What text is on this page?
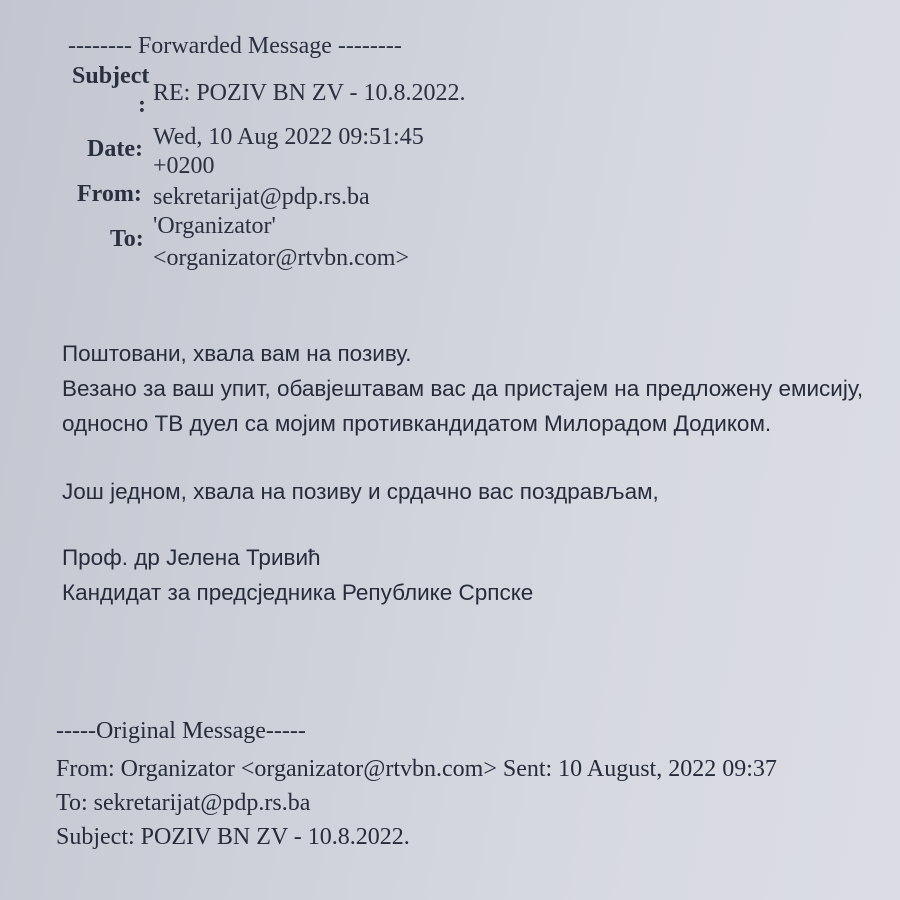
-------- Forwarded Message --------
Subject
: RE: POZIV BN ZV - 10.8.2022.
Date: Wed, 10 Aug 2022 09:51:45
+0200
From: sekretarijat@pdp.rs.ba
To: 'Organizator'
<organizator@rtvbn.com>
Поштовани, хвала вам на позиву.
Везано за ваш упит, обавјештавам вас да пристајем на предложену емисију,
односно ТВ дуел са мојим противкандидатом Милорадом Додиком.
Још једном, хвала на позиву и срдачно вас поздрављам,
Проф. др Јелена Тривић
Кандидат за предсједника Републике Српске
-----Original Message-----
From: Organizator <organizator@rtvbn.com> Sent: 10 August, 2022 09:37
To: sekretarijat@pdp.rs.ba
Subject: POZIV BN ZV - 10.8.2022.
